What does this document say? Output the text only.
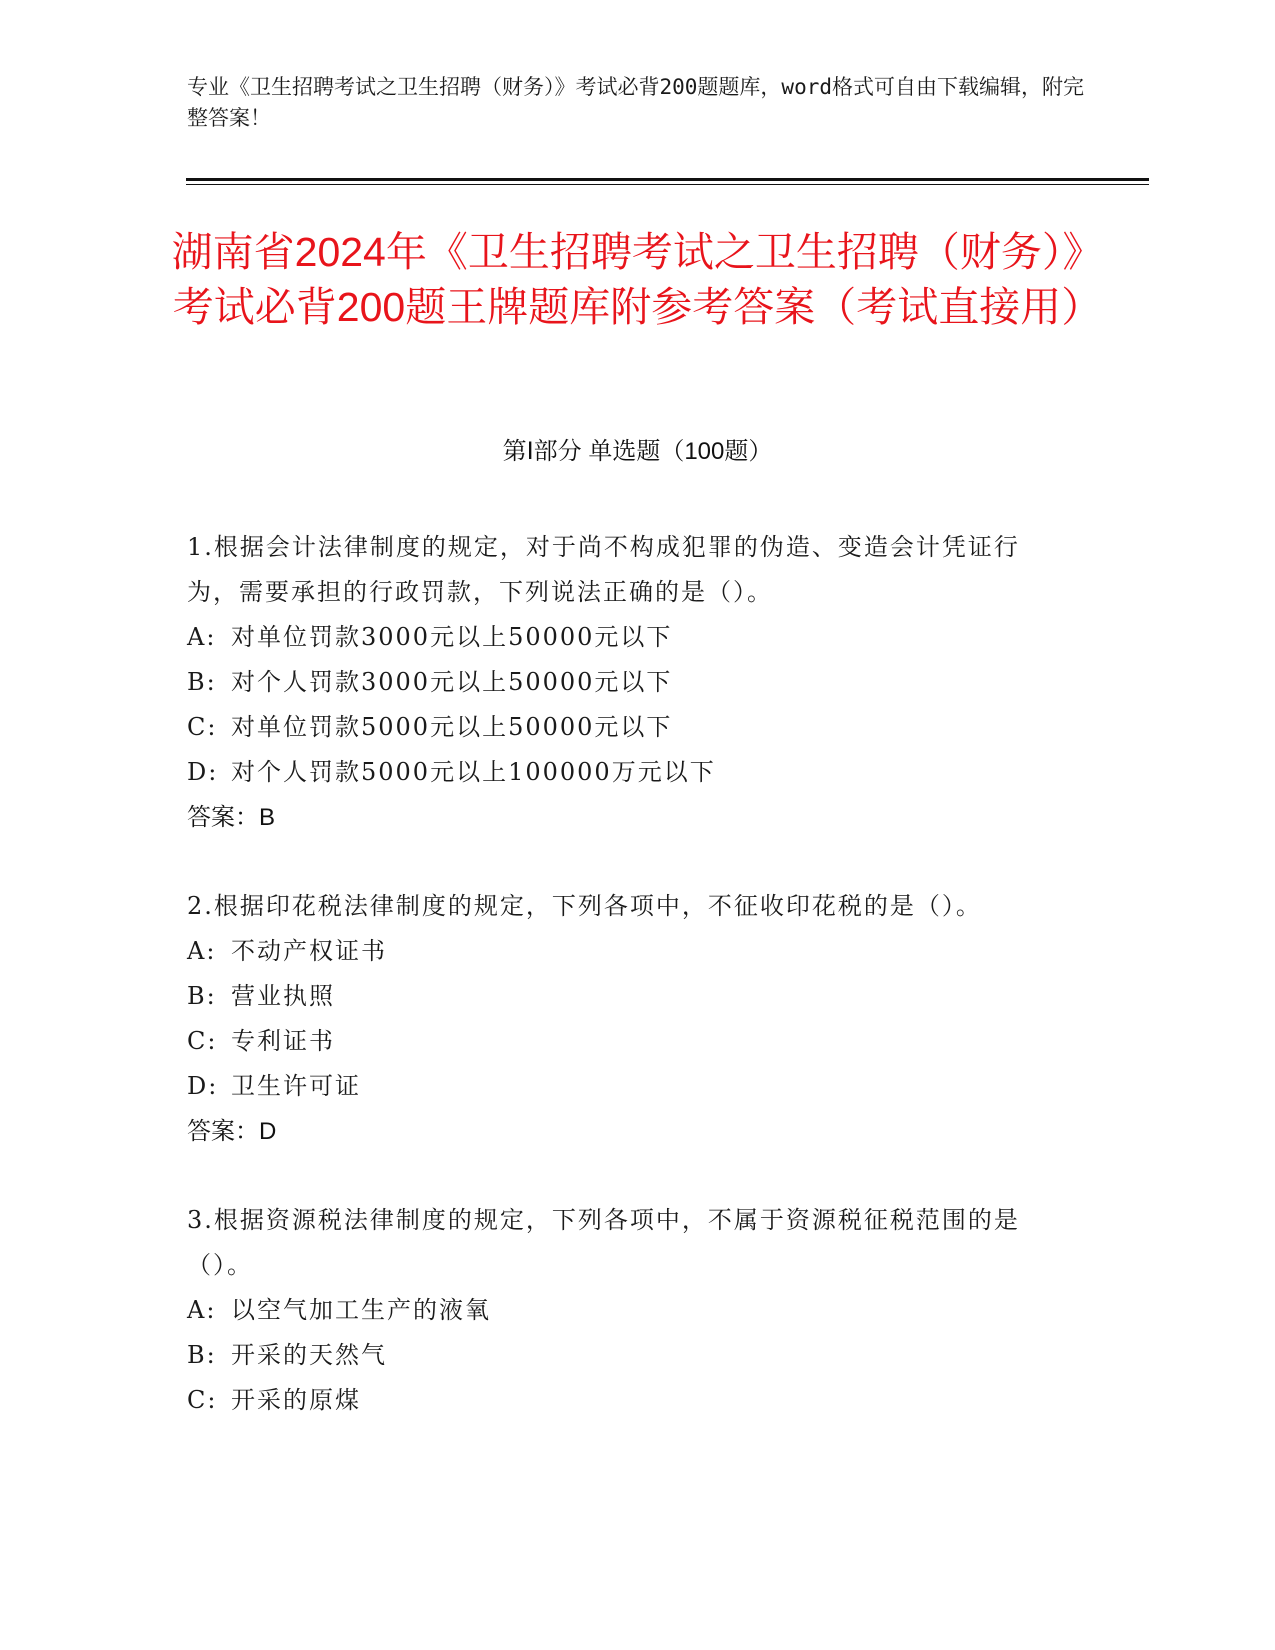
专业《卫生招聘考试之卫生招聘（财务）》考试必背200题题库，word格式可自由下载编辑，附完整答案！
湖南省2024年《卫生招聘考试之卫生招聘（财务）》考试必背200题王牌题库附参考答案（考试直接用）
第Ⅰ部分 单选题（100题）
1.根据会计法律制度的规定，对于尚不构成犯罪的伪造、变造会计凭证行为，需要承担的行政罚款，下列说法正确的是（）。
A: 对单位罚款3000元以上50000元以下
B: 对个人罚款3000元以上50000元以下
C: 对单位罚款5000元以上50000元以下
D: 对个人罚款5000元以上100000万元以下
答案：B
2.根据印花税法律制度的规定，下列各项中，不征收印花税的是（）。
A: 不动产权证书
B: 营业执照
C: 专利证书
D: 卫生许可证
答案：D
3.根据资源税法律制度的规定，下列各项中，不属于资源税征税范围的是（）。
A: 以空气加工生产的液氧
B: 开采的天然气
C: 开采的原煤
